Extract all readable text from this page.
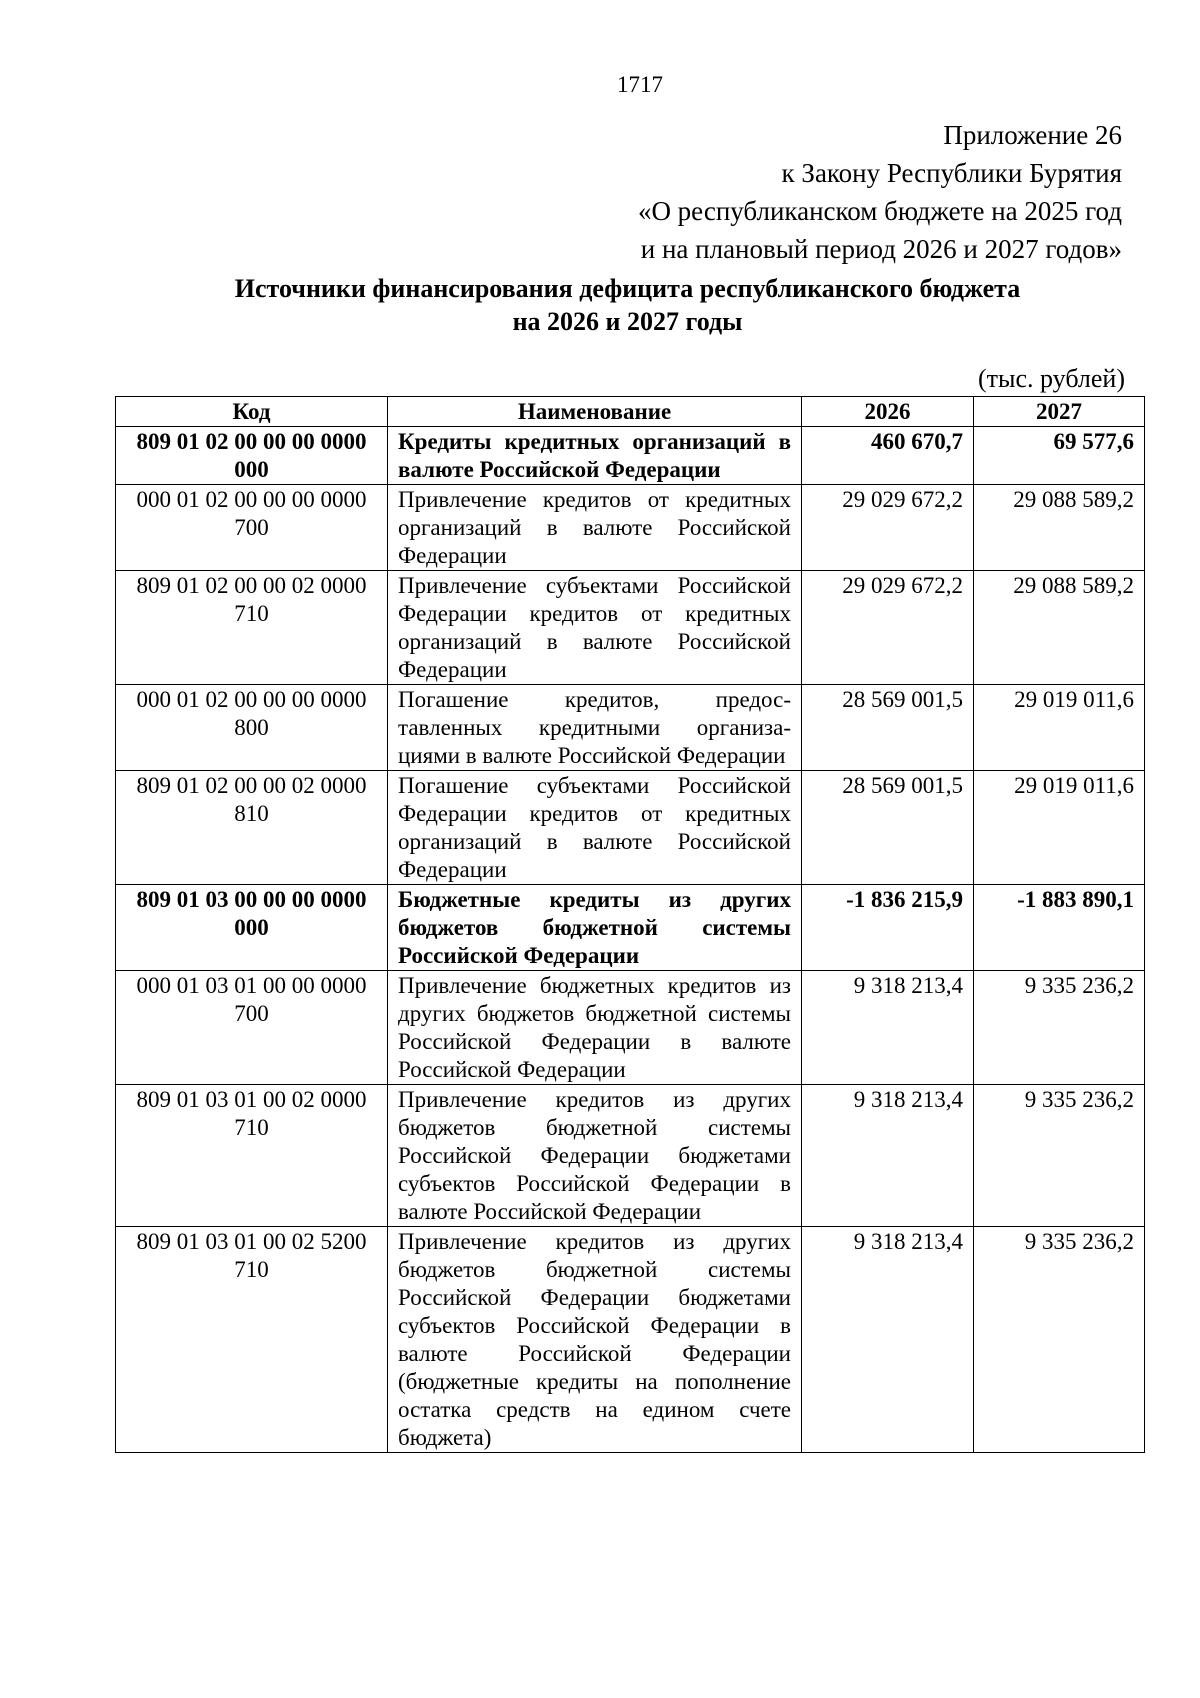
1717
Приложение 26
к Закону Республики Бурятия
«О республиканском бюджете на 2025 год
и на плановый период 2026 и 2027 годов»
Источники финансирования дефицита республиканского бюджета
на 2026 и 2027 годы
(тыс. рублей)
Код	Наименование	2026	2027
809 01 02 00 00 00 0000 000	Кредиты кредитных организаций в валюте Российской Федерации	460 670,7	69 577,6
000 01 02 00 00 00 0000 700	Привлечение кредитов от кредитных организаций в валюте Российской Федерации	29 029 672,2	29 088 589,2
809 01 02 00 00 02 0000 710	Привлечение субъектами Российской Федерации кредитов от кредитных организаций в валюте Российской Федерации	29 029 672,2	29 088 589,2
000 01 02 00 00 00 0000 800	Погашение кредитов, предос-тавленных кредитными организа-циями в валюте Российской Федерации	28 569 001,5	29 019 011,6
809 01 02 00 00 02 0000 810	Погашение субъектами Российской Федерации кредитов от кредитных организаций в валюте Российской Федерации	28 569 001,5	29 019 011,6
809 01 03 00 00 00 0000 000	Бюджетные кредиты из других бюджетов бюджетной системы Российской Федерации	-1 836 215,9	-1 883 890,1
000 01 03 01 00 00 0000 700	Привлечение бюджетных кредитов из других бюджетов бюджетной системы Российской Федерации в валюте Российской Федерации	9 318 213,4	9 335 236,2
809 01 03 01 00 02 0000 710	Привлечение кредитов из других бюджетов бюджетной системы Российской Федерации бюджетами субъектов Российской Федерации в валюте Российской Федерации	9 318 213,4	9 335 236,2
809 01 03 01 00 02 5200 710	Привлечение кредитов из других бюджетов бюджетной системы Российской Федерации бюджетами субъектов Российской Федерации в валюте Российской Федерации (бюджетные кредиты на пополнение остатка средств на едином счете бюджета)	9 318 213,4	9 335 236,2
